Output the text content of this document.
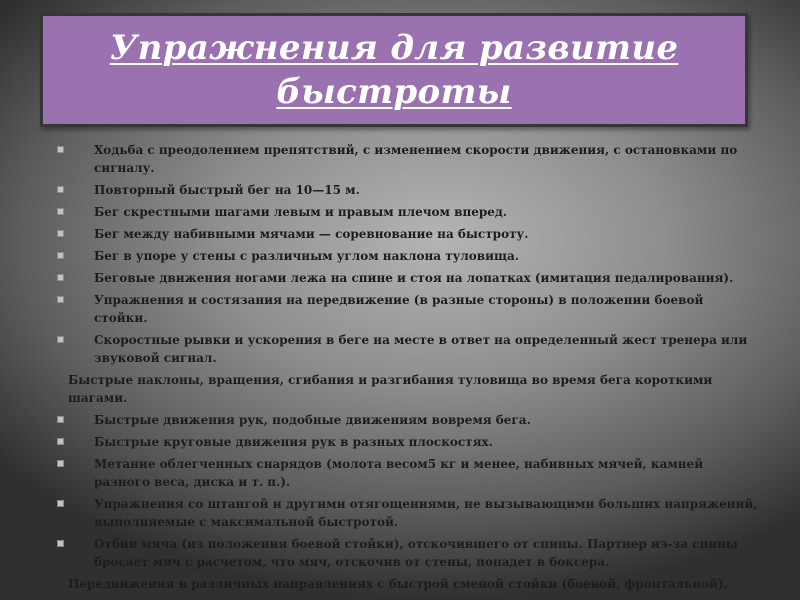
Упражнения для развитие быстроты
Ходьба с преодолением препятствий, с изменением скорости движения, с остановками по сигналу.
Повторный быстрый бег на 10—15 м.
Бег скрестными шагами левым и правым плечом вперед.
Бег между набивными мячами — соревнование на быстроту.
Бег в упоре у стены с различным углом наклона туловища.
Беговые движения ногами лежа на спине и стоя на лопатках (имитация педалирования).
Упражнения и состязания на передвижение (в разные стороны) в положении боевой стойки.
Скоростные рывки и ускорения в беге на месте в ответ на определенный жест тренера или звуковой сигнал.
Быстрые наклоны, вращения, сгибания и разгибания туловища во время бега короткими шагами.
Быстрые движения рук, подобные движениям вовремя бега.
Быстрые круговые движения рук в разных плоскостях.
Метание облегченных снарядов (молота весом5 кг и менее, набивных мячей, камней разного веса, диска и т. п.).
Упражнения со штангой и другими отягощениями, не вызывающими больших напряжений, выполняемые с максимальной быстротой.
Отбив мяча (из положения боевой стойки), отскочившего от спины. Партнер из-за спины бросает мяч с расчетом, что мяч, отскочив от стены, попадет в боксера.
Передвижения в различных направлениях с быстрой сменой стойки (боевой, фронтальной).
